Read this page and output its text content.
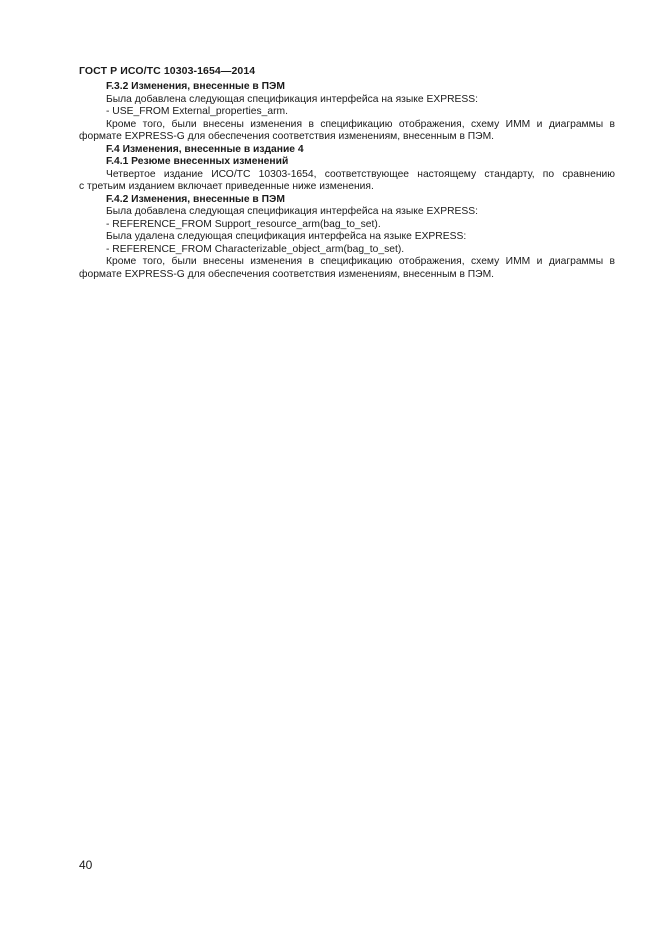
ГОСТ Р ИСО/ТС 10303-1654—2014

F.3.2 Изменения, внесенные в ПЭМ

Была добавлена следующая спецификация интерфейса на языке EXPRESS:

- USE_FROM External_properties_arm.

Кроме того, были внесены изменения в спецификацию отображения, схему ИММ и диаграммы в

формате EXPRESS-G для обеспечения соответствия изменениям, внесенным в ПЭМ.

F.4 Изменения, внесенные в издание 4

F.4.1 Резюме внесенных изменений

Четвертое издание ИСО/ТС 10303-1654, соответствующее настоящему стандарту, по сравнению

с третьим изданием включает приведенные ниже изменения.

F.4.2 Изменения, внесенные в ПЭМ

Была добавлена следующая спецификация интерфейса на языке EXPRESS:

- REFERENCE_FROM Support_resource_arm(bag_to_set).

Была удалена следующая спецификация интерфейса на языке EXPRESS:

- REFERENCE_FROM Characterizable_object_arm(bag_to_set).

Кроме того, были внесены изменения в спецификацию отображения, схему ИММ и диаграммы в

формате EXPRESS-G для обеспечения соответствия изменениям, внесенным в ПЭМ.

40
